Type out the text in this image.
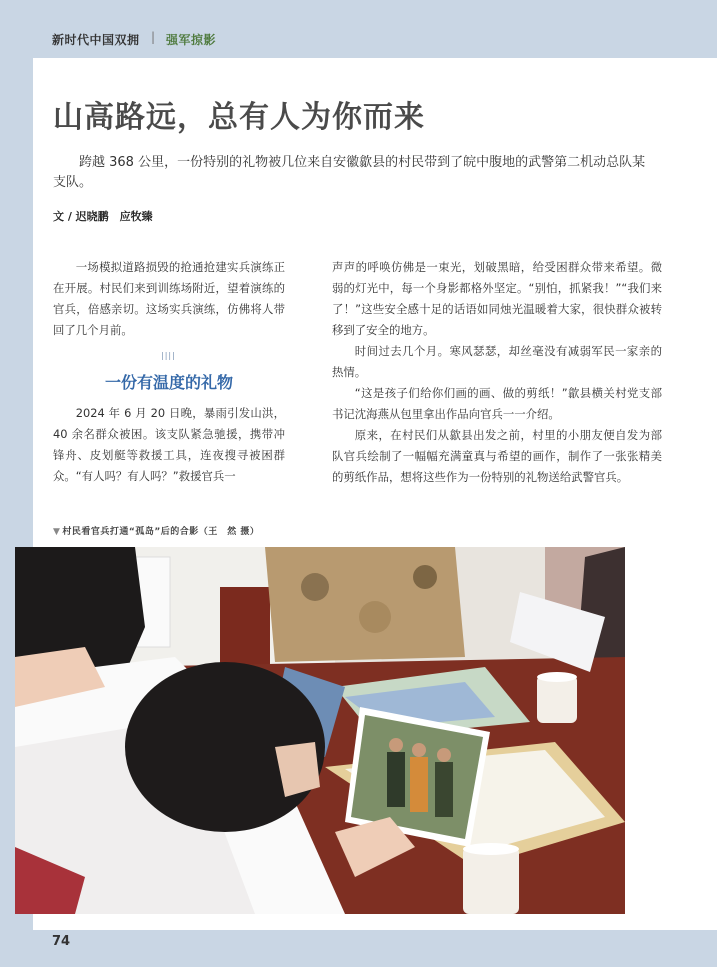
新时代中国双拥 | 强军掠影
山高路远，总有人为你而来
跨越 368 公里，一份特别的礼物被几位来自安徽歙县的村民带到了皖中腹地的武警第二机动总队某支队。
文 / 迟晓鹏　应牧臻

一场模拟道路损毁的抢通抢建实兵演练正在开展。村民们来到训练场附近，望着演练的官兵，倍感亲切。这场实兵演练，仿佛将人带回了几个月前。

||||
一份有温度的礼物

2024 年 6 月 20 日晚，暴雨引发山洪，40 余名群众被困。该支队紧急驰援，携带冲锋舟、皮划艇等救援工具，连夜搜寻被困群众。“有人吗？有人吗？”救援官兵一

声声的呼唤仿佛是一束光，划破黑暗，给受困群众带来希望。微弱的灯光中，每一个身影都格外坚定。“别怕，抓紧我！”“我们来了！”这些安全感十足的话语如同烛光温暖着大家，很快群众被转移到了安全的地方。

时间过去几个月。寒风瑟瑟，却丝毫没有减弱军民一家亲的热情。

“这是孩子们给你们画的画、做的剪纸！”歙县横关村党支部书记沈海燕从包里拿出作品向官兵一一介绍。

原来，在村民们从歙县出发之前，村里的小朋友便自发为部队官兵绘制了一幅幅充满童真与希望的画作，制作了一张张精美的剪纸作品，想将这些作为一份特别的礼物送给武警官兵。

▼ 村民看官兵打通“孤岛”后的合影（王　然 摄）
74
